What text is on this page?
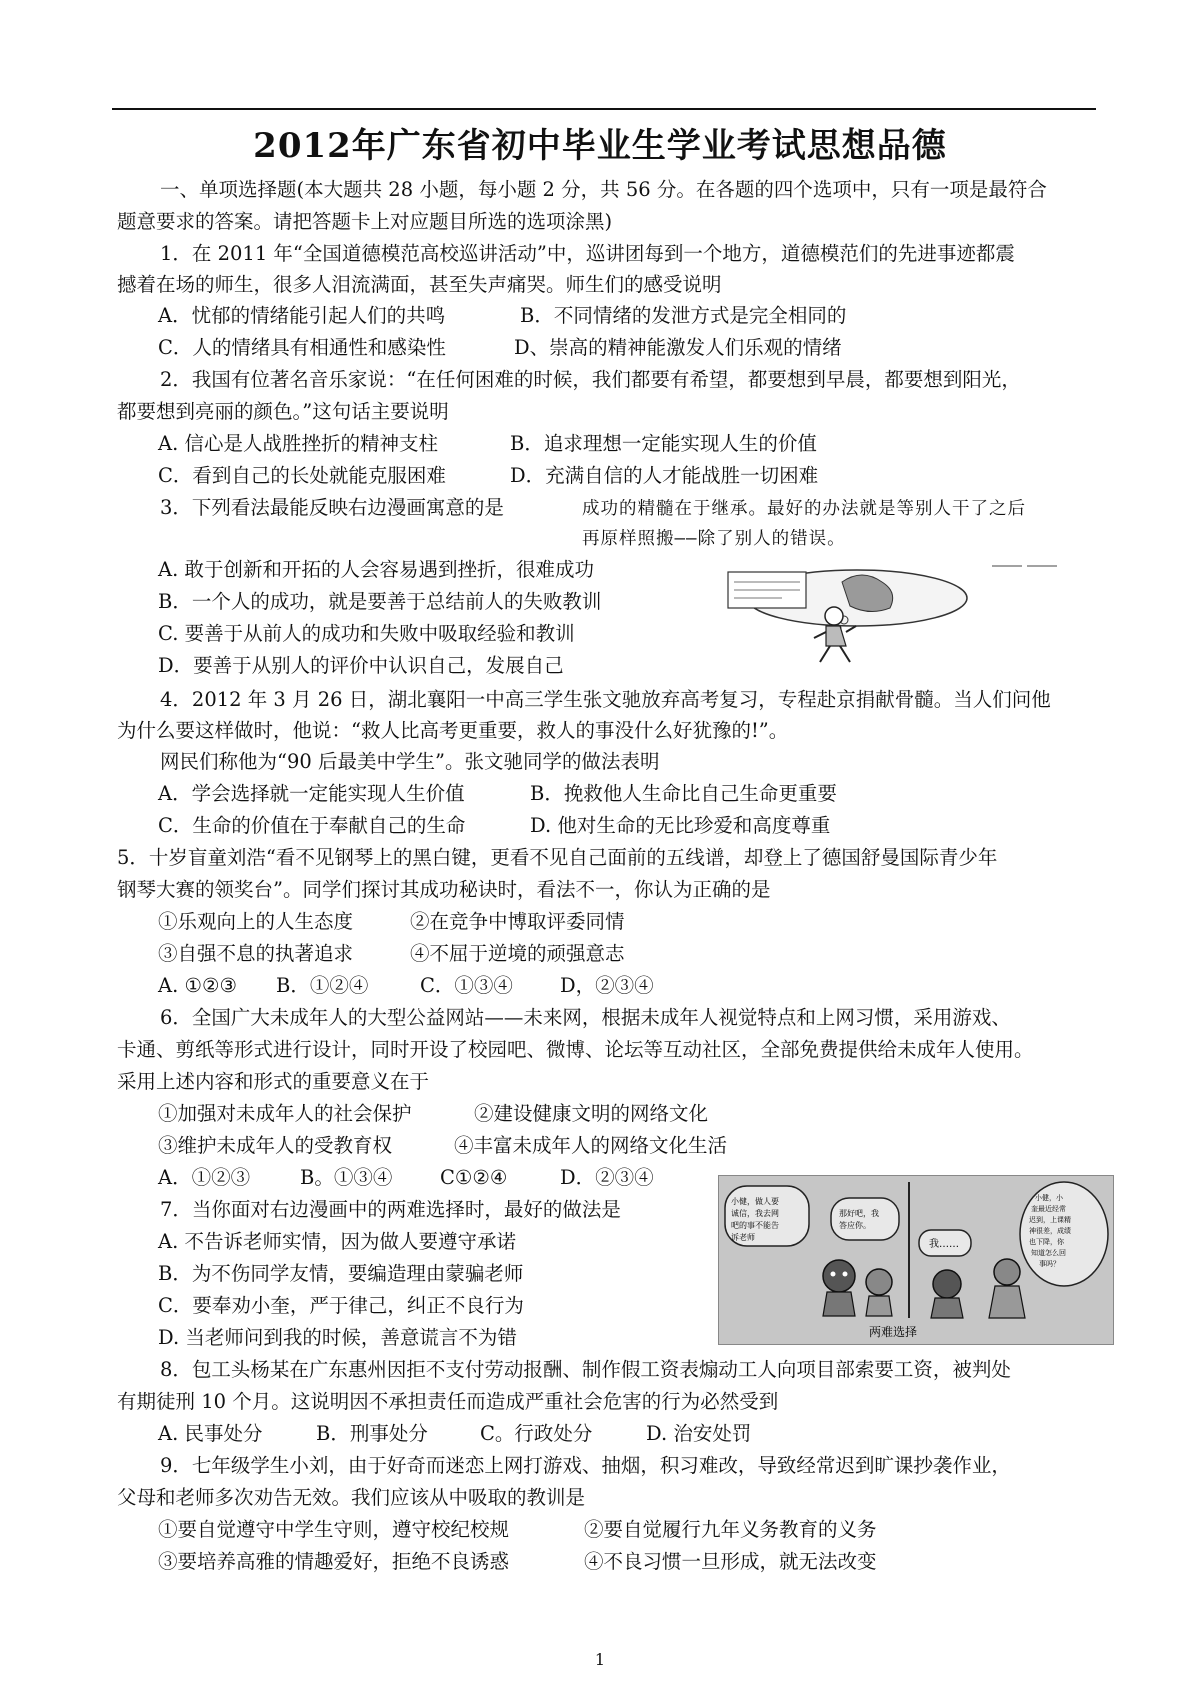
2012年广东省初中毕业生学业考试思想品德
一、单项选择题(本大题共 28 小题，每小题 2 分，共 56 分。在各题的四个选项中，只有一项是最符合
题意要求的答案。请把答题卡上对应题目所选的选项涂黑)
1．在 2011 年“全国道德模范高校巡讲活动”中，巡讲团每到一个地方，道德模范们的先进事迹都震
撼着在场的师生，很多人泪流满面，甚至失声痛哭。师生们的感受说明
A．忧郁的情绪能引起人们的共鸣	B．不同情绪的发泄方式是完全相同的
C．人的情绪具有相通性和感染性	D、崇高的精神能激发人们乐观的情绪
2．我国有位著名音乐家说：“在任何困难的时候，我们都要有希望，都要想到早晨，都要想到阳光，
都要想到亮丽的颜色。”这句话主要说明
A. 信心是人战胜挫折的精神支柱	B．追求理想一定能实现人生的价值
C．看到自己的长处就能克服困难	D．充满自信的人才能战胜一切困难
3．下列看法最能反映右边漫画寓意的是	成功的精髓在于继承。最好的办法就是等别人干了之后
再原样照搬——除了别人的错误。
A. 敢于创新和开拓的人会容易遇到挫折，很难成功
B．一个人的成功，就是要善于总结前人的失败教训
C. 要善于从前人的成功和失败中吸取经验和教训
D．要善于从别人的评价中认识自己，发展自己
4．2012 年 3 月 26 日，湖北襄阳一中高三学生张文驰放弃高考复习，专程赴京捐献骨髓。当人们问他
为什么要这样做时，他说：“救人比高考更重要，救人的事没什么好犹豫的!”。
网民们称他为“90 后最美中学生”。张文驰同学的做法表明
A．学会选择就一定能实现人生价值	B．挽救他人生命比自己生命更重要
C．生命的价值在于奉献自己的生命	D. 他对生命的无比珍爱和高度尊重
5．十岁盲童刘浩“看不见钢琴上的黑白键，更看不见自己面前的五线谱，却登上了德国舒曼国际青少年
钢琴大赛的领奖台”。同学们探讨其成功秘诀时，看法不一，你认为正确的是
①乐观向上的人生态度	②在竞争中博取评委同情
③自强不息的执著追求	④不屈于逆境的顽强意志
A. ①②③ B．①②④	C．①③④ D，②③④
6．全国广大未成年人的大型公益网站——未来网，根据未成年人视觉特点和上网习惯，采用游戏、
卡通、剪纸等形式进行设计，同时开设了校园吧、微博、论坛等互动社区，全部免费提供给未成年人使用。
采用上述内容和形式的重要意义在于
①加强对未成年人的社会保护	②建设健康文明的网络文化
③维护未成年人的受教育权	④丰富未成年人的网络文化生活
A．①②③	B。①③④ C①②④	D．②③④
7．当你面对右边漫画中的两难选择时，最好的做法是
A. 不告诉老师实情，因为做人要遵守承诺
B．为不伤同学友情，要编造理由蒙骗老师
C．要奉劝小奎，严于律己，纠正不良行为
D. 当老师问到我的时候，善意谎言不为错
小健，做人要诚信，我去网吧的事不能告诉老师
那好吧，我答应你。
我……
小健，小奎最近经常迟到，上课精神很差，成绩也下降，你知道怎么回事吗？
两难选择
8．包工头杨某在广东惠州因拒不支付劳动报酬、制作假工资表煽动工人向项目部索要工资，被判处
有期徒刑 10 个月。这说明因不承担责任而造成严重社会危害的行为必然受到
A. 民事处分	B．刑事处分	C。行政处分	D. 治安处罚
9．七年级学生小刘，由于好奇而迷恋上网打游戏、抽烟，积习难改，导致经常迟到旷课抄袭作业，
父母和老师多次劝告无效。我们应该从中吸取的教训是
①要自觉遵守中学生守则，遵守校纪校规	②要自觉履行九年义务教育的义务
③要培养高雅的情趣爱好，拒绝不良诱惑	④不良习惯一旦形成，就无法改变
1
